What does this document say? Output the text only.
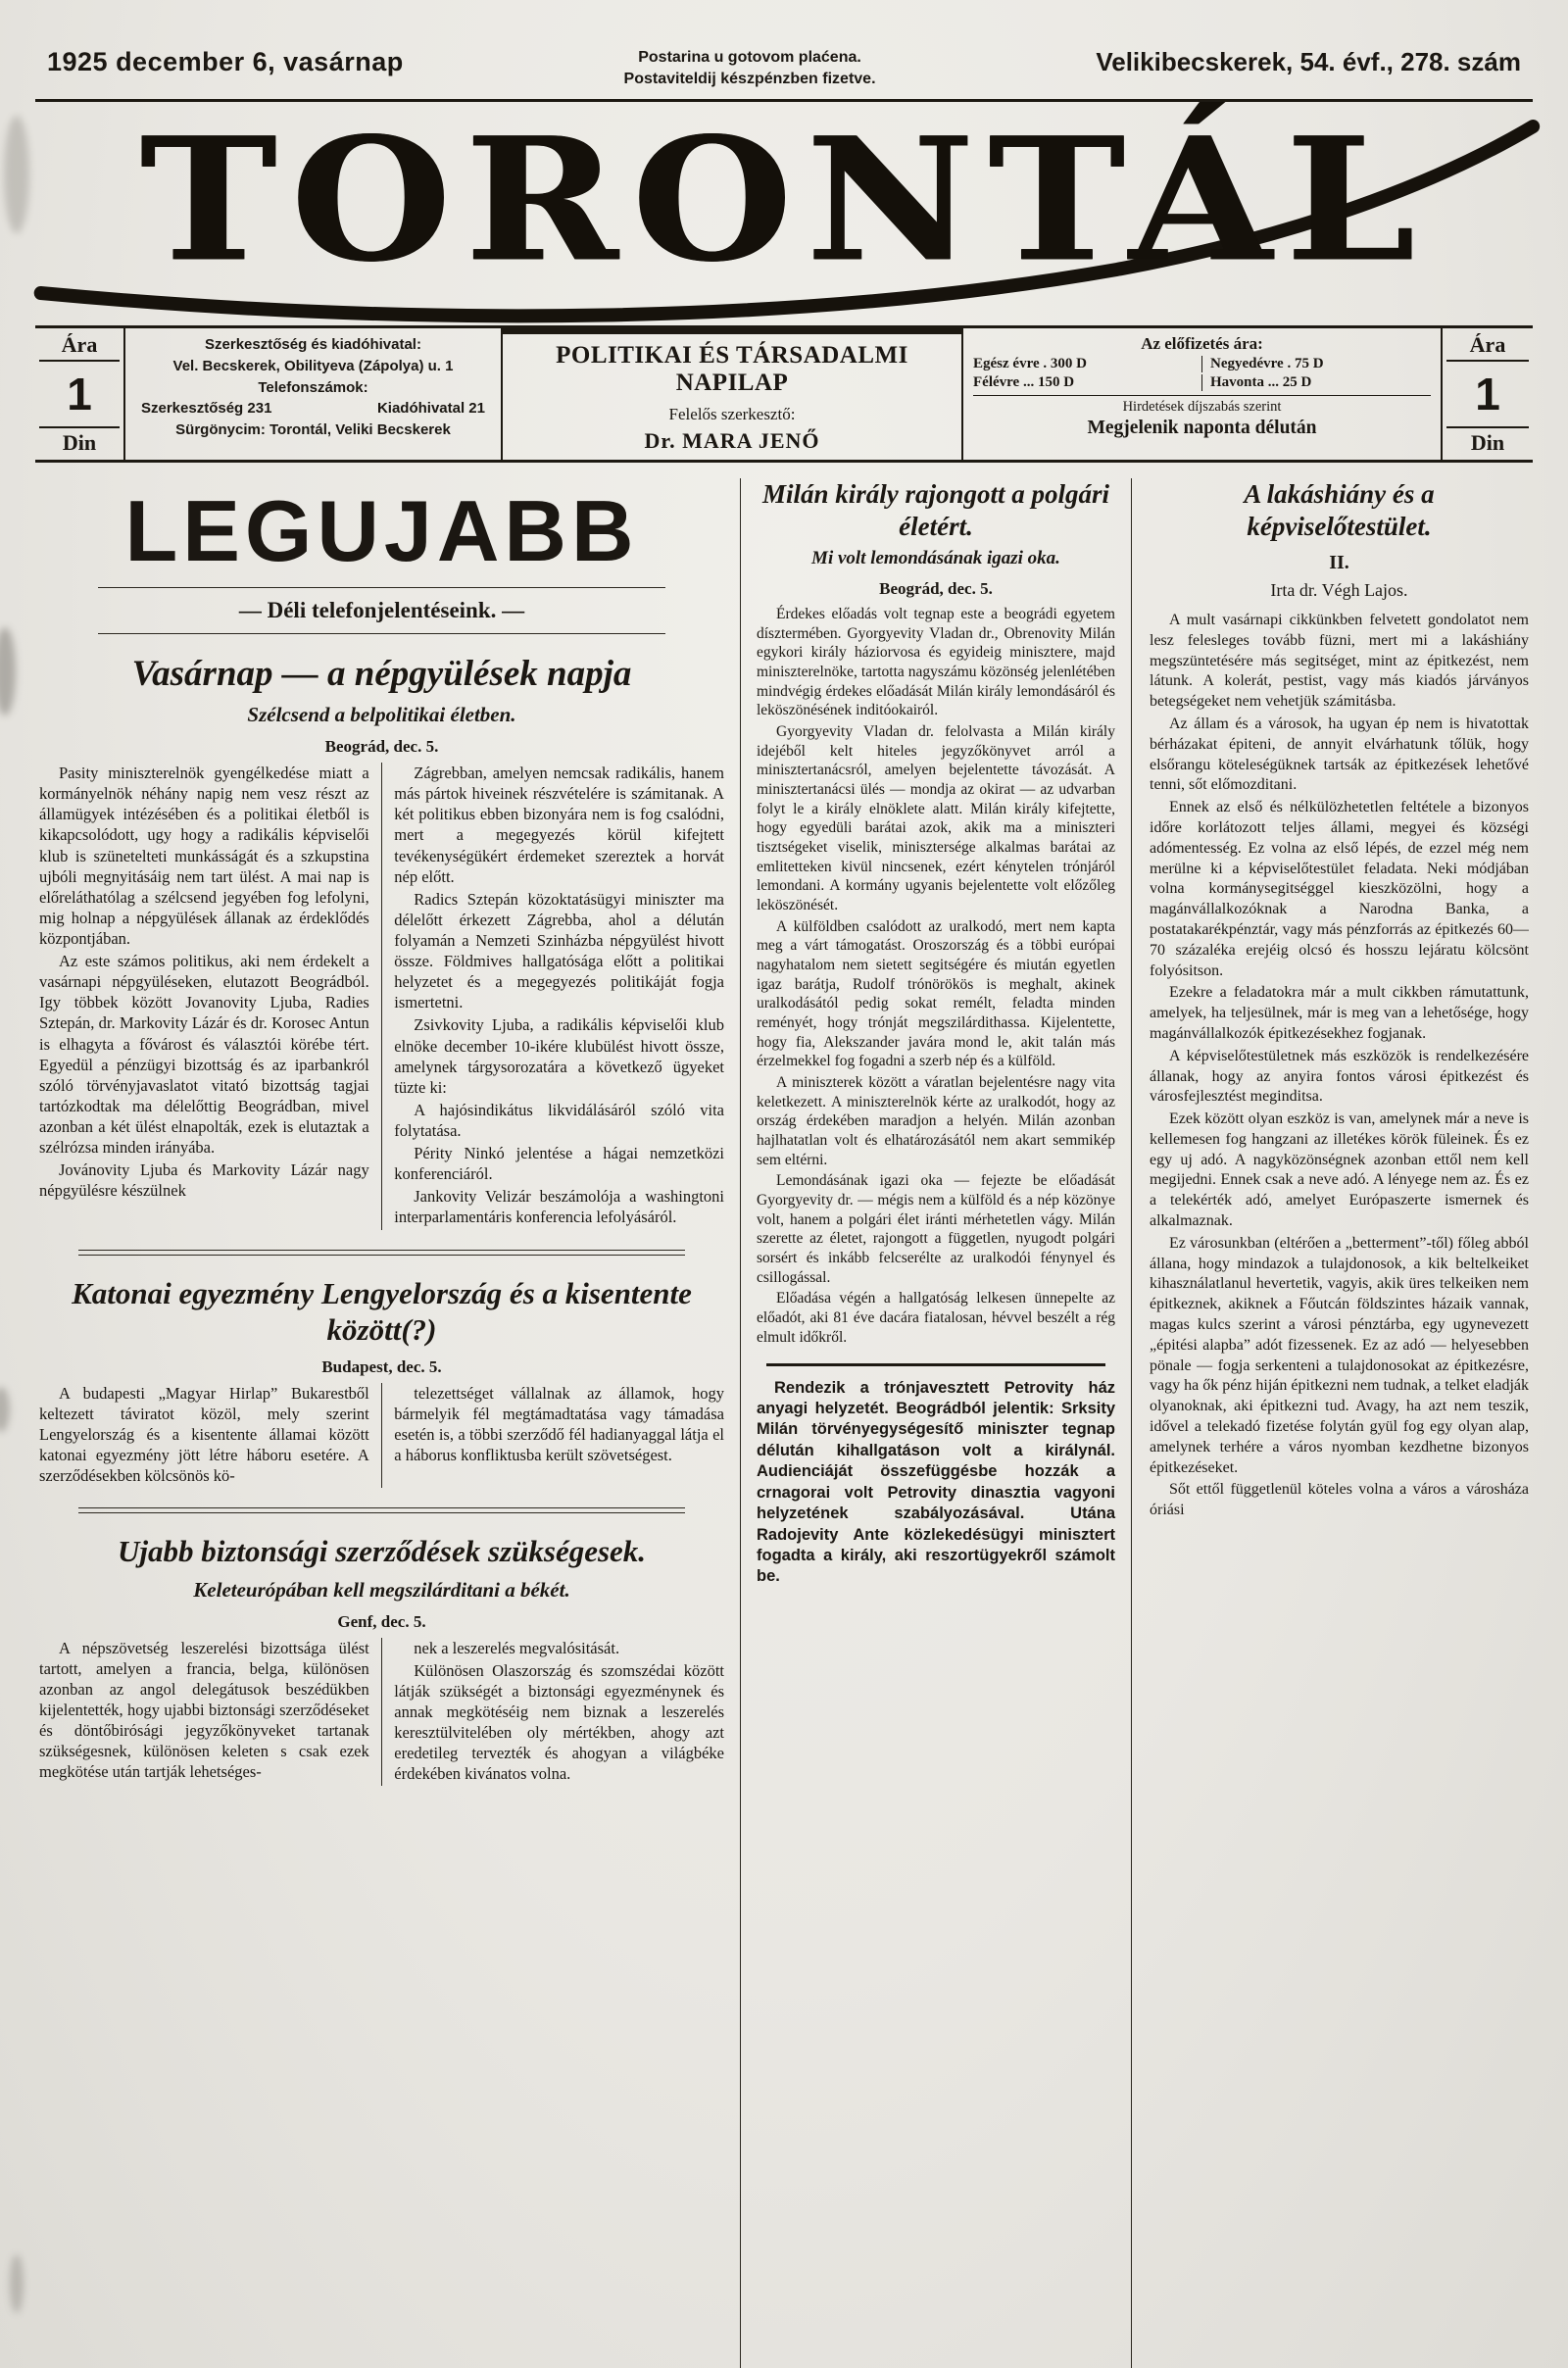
1925 december 6, vasárnap	Postarina u gotovom plaćena.
Postaviteldij készpénzben fizetve.
Velikibecskerek, 54. évf., 278. szám
TORONTÁL
Ára
1
Din
Szerkesztőség és kiadóhivatal:
Vel. Becskerek, Obilityeva (Zápolya) u. 1
Telefonszámok:
Szerkesztőség 231	Kiadóhivatal 21
Sürgönycim: Torontál, Veliki Becskerek
POLITIKAI ÉS TÁRSADALMI NAPILAP
Felelős szerkesztő:
Dr. MARA JENŐ
Az előfizetés ára:
Egész évre . 300 D	Negyedévre . 75 D
Félévre ... 150 D	Havonta ... 25 D
Hirdetések díjszabás szerint
Megjelenik naponta délután
Ára
1
Din
LEGUJABB
— Déli telefonjelentéseink. —
Vasárnap — a népgyülések napja
Szélcsend a belpolitikai életben.
Beográd, dec. 5.

Pasity miniszterelnök gyengélkedése miatt a kormányelnök néhány napig nem vesz részt az államügyek intézésében és a politikai életből is kikapcsolódott, ugy hogy a radikális képviselői klub is szünetelteti munkásságát és a szkupstina ujbóli megnyitásáig nem tart ülést. A mai nap is előreláthatólag a szélcsend jegyében fog lefolyni, mig holnap a népgyülések állanak az érdeklődés központjában.

Az este számos politikus, aki nem érdekelt a vasárnapi népgyüléseken, elutazott Beográdból. Igy többek között Jovanovity Ljuba, Radies Sztepán, dr. Markovity Lázár és dr. Korosec Antun is elhagyta a fővárost és választói körébe tért. Egyedül a pénzügyi bizottság és az iparbankról szóló törvényjavaslatot vitató bizottság tagjai tartózkodtak ma délelőttig Beográdban, mivel azonban a két ülést elnapolták, ezek is elutaztak a szélrózsa minden irányába.

Jovánovity Ljuba és Markovity Lázár nagy népgyülésre készülnek

Zágrebban, amelyen nemcsak radikális, hanem más pártok hiveinek részvételére is számitanak. A két politikus ebben bizonyára nem is fog csalódni, mert a megegyezés körül kifejtett tevékenységükért érdemeket szereztek a horvát nép előtt.

Radics Sztepán közoktatásügyi miniszter ma délelőtt érkezett Zágrebba, ahol a délután folyamán a Nemzeti Szinházba népgyülést hivott össze. Földmives hallgatósága előtt a politikai helyzetet és a megegyezés politikáját fogja ismertetni.

Zsivkovity Ljuba, a radikális képviselői klub elnöke december 10-ikére klubülést hivott össze, amelynek tárgysorozatára a következő ügyeket tüzte ki:

A hajósindikátus likvidálásáról szóló vita folytatása.

Périty Ninkó jelentése a hágai nemzetközi konferenciáról.

Jankovity Velizár beszámolója a washingtoni interparlamentáris konferencia lefolyásáról.

Katonai egyezmény Lengyelország és a kisentente között(?)
Budapest, dec. 5.

A budapesti „Magyar Hirlap” Bukarestből keltezett táviratot közöl, mely szerint Lengyelország és a kisentente államai között katonai egyezmény jött létre háboru esetére. A szerződésekben kölcsönös kö-

telezettséget vállalnak az államok, hogy bármelyik fél megtámadtatása vagy támadása esetén is, a többi szerződő fél hadianyaggal látja el a háborus konfliktusba került szövetségest.

Ujabb biztonsági szerződések szükségesek.
Keleteurópában kell megszilárditani a békét.
Genf, dec. 5.

A népszövetség leszerelési bizottsága ülést tartott, amelyen a francia, belga, különösen azonban az angol delegátusok beszédükben kijelentették, hogy ujabbi biztonsági szerződéseket és döntőbirósági jegyzőkönyveket tartanak szükségesnek, különösen keleten s csak ezek megkötése után tartják lehetséges-

nek a leszerelés megvalósitását.

Különösen Olaszország és szomszédai között látják szükségét a biztonsági egyezménynek és annak megkötéséig nem biznak a leszerelés keresztülvitelében oly mértékben, ahogy azt eredetileg tervezték és ahogyan a világbéke érdekében kivánatos volna.

Milán király rajongott a polgári életért.
Mi volt lemondásának igazi oka.
Beográd, dec. 5.

Érdekes előadás volt tegnap este a beográdi egyetem dísztermében. Gyorgyevity Vladan dr., Obrenovity Milán egykori király háziorvosa és egyideig minisztere, majd miniszterelnöke, tartotta nagyszámu közönség jelenlétében mindvégig érdekes előadását Milán király lemondásáról és leköszönésének inditóokairól.

Gyorgyevity Vladan dr. felolvasta a Milán király idejéből kelt hiteles jegyzőkönyvet arról a minisztertanácsról, amelyen bejelentette távozását. A minisztertanácsi ülés — mondja az okirat — az udvarban folyt le a király elnöklete alatt. Milán király kifejtette, hogy egyedüli barátai azok, akik ma a miniszteri tisztségeket viselik, minisztersége alkalmas barátai az emlitetteken kivül nincsenek, ezért kénytelen trónjáról lemondani. A kormány ugyanis bejelentette volt előzőleg leköszönését.

A külföldben csalódott az uralkodó, mert nem kapta meg a várt támogatást. Oroszország és a többi európai nagyhatalom nem sietett segitségére és miután egyetlen igaz barátja, Rudolf trónörökös is meghalt, akinek uralkodásától pedig sokat remélt, feladta minden reményét, hogy trónját megszilárdithassa. Kijelentette, hogy fia, Alekszander javára mond le, akit talán más érzelmekkel fog fogadni a szerb nép és a külföld.

A miniszterek között a váratlan bejelentésre nagy vita keletkezett. A miniszterelnök kérte az uralkodót, hogy az ország érdekében maradjon a helyén. Milán azonban hajlhatatlan volt és elhatározásától nem akart semmikép sem eltérni.

Lemondásának igazi oka — fejezte be előadását Gyorgyevity dr. — mégis nem a külföld és a nép közönye volt, hanem a polgári élet iránti mérhetetlen vágy. Milán szerette az életet, rajongott a független, nyugodt polgári sorsért és inkább felcserélte az uralkodói fénynyel és csillogással.

Előadása végén a hallgatóság lelkesen ünnepelte az előadót, aki 81 éve dacára fiatalosan, hévvel beszélt a rég elmult időkről.

Rendezik a trónjavesztett Petrovity ház anyagi helyzetét. Beográdból jelentik: Srksity Milán törvényegységesítő miniszter tegnap délután kihallgatáson volt a királynál. Audienciáját összefüggésbe hozzák a crnagorai volt Petrovity dinasztia vagyoni helyzetének szabályozásával. Utána Radojevity Ante közlekedésügyi minisztert fogadta a király, aki reszortügyekről számolt be.

A lakáshiány és a képviselőtestület.
II.
Irta dr. Végh Lajos.

A mult vasárnapi cikkünkben felvetett gondolatot nem lesz felesleges tovább füzni, mert mi a lakáshiány megszüntetésére más segitséget, mint az épitkezést, nem látunk. A kolerát, pestist, vagy más kiadós járványos betegségeket nem vehetjük számitásba.

Az állam és a városok, ha ugyan ép nem is hivatottak bérházakat épiteni, de annyit elvárhatunk tőlük, hogy elsőrangu köteleségüknek tartsák az épitkezések lehetővé tenni, sőt előmozditani.

Ennek az első és nélkülözhetetlen feltétele a bizonyos időre korlátozott teljes állami, megyei és községi adómentesség. Ez volna az első lépés, de ezzel még nem merülne ki a képviselőtestület feladata. Neki módjában volna kormánysegitséggel kieszközölni, hogy a magánvállalkozóknak a Narodna Banka, a postatakarékpénztár, vagy más pénzforrás az épitkezés 60—70 százaléka erejéig olcsó és hosszu lejáratu kölcsönt folyósitson.

Ezekre a feladatokra már a mult cikkben rámutattunk, amelyek, ha teljesülnek, már is meg van a lehetősége, hogy magánvállalkozók épitkezésekhez fogjanak.

A képviselőtestületnek más eszközök is rendelkezésére állanak, hogy az anyira fontos városi épitkezést és városfejlesztést meginditsa.

Ezek között olyan eszköz is van, amelynek már a neve is kellemesen fog hangzani az illetékes körök füleinek. És ez egy uj adó. A nagyközönségnek azonban ettől nem kell megijedni. Ennek csak a neve adó. A lényege nem az. És ez a telekérték adó, amelyet Európaszerte ismernek és alkalmaznak.

Ez városunkban (eltérően a „betterment”-től) főleg abból állana, hogy mindazok a tulajdonosok, a kik beltelkeiket kihasználatlanul hevertetik, vagyis, akik üres telkeiken nem épitkeznek, akiknek a Főutcán földszintes házaik vannak, magas kulcs szerint a városi pénztárba, egy ugynevezett „épitési alapba” adót fizessenek. Ez az adó — helyesebben pönale — fogja serkenteni a tulajdonosokat az épitkezésre, vagy ha ők pénz hiján épitkezni nem tudnak, a telket eladják olyanoknak, aki épitkezni tud. Avagy, ha azt nem teszik, idővel a telekadó fizetése folytán gyül fog egy olyan alap, amelynek terhére a város nyomban kezdhetne bizonyos épitkezéseket.

Sőt ettől függetlenül köteles volna a város a városháza óriási
